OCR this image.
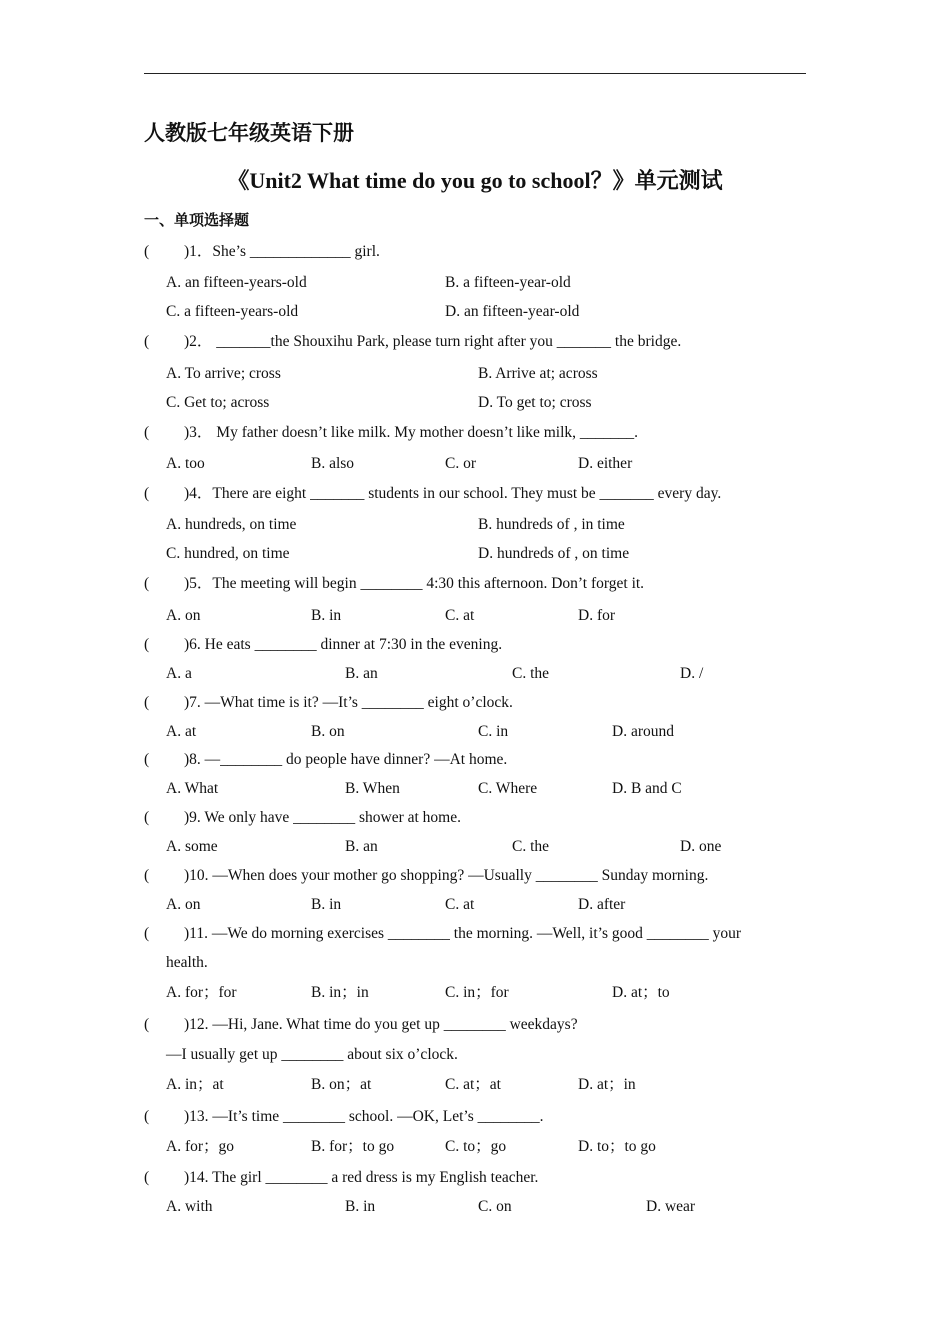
人教版七年级英语下册
《Unit2 What time do you go to school？》单元测试
一、单项选择题
( )1．She’s _____________ girl.
A. an fifteen-years-old	B. a fifteen-year-old
C. a fifteen-years-old	D. an fifteen-year-old
( )2． _______the Shouxihu Park, please turn right after you _______ the bridge.
A. To arrive; cross	B. Arrive at; across
C. Get to; across	D. To get to; cross
( )3． My father doesn’t like milk. My mother doesn’t like milk, _______.
A. too	B. also	C. or	D. either
( )4．There are eight _______ students in our school. They must be _______ every day.
A. hundreds, on time	B. hundreds of , in time
C. hundred, on time	D. hundreds of , on time
( )5．The meeting will begin ________ 4:30 this afternoon. Don’t forget it.
A. on	B. in	C. at	D. for
( )6. He eats ________ dinner at 7:30 in the evening.
A. a	B. an	C. the	D. /
( )7. —What time is it? —It’s ________ eight o’clock.
A. at	B. on	C. in	D. around
( )8. —________ do people have dinner? —At home.
A. What	B. When	C. Where	D. B and C
( )9. We only have ________ shower at home.
A. some	B. an	C. the	D. one
( )10. —When does your mother go shopping? —Usually ________ Sunday morning.
A. on	B. in	C. at	D. after
( )11. —We do morning exercises ________ the morning. —Well, it’s good ________ your
health.
A. for；for	B. in；in	C. in；for	D. at；to
( )12. —Hi, Jane. What time do you get up ________ weekdays?
—I usually get up ________ about six o’clock.
A. in；at	B. on；at	C. at；at	D. at；in
( )13. —It’s time ________ school. —OK, Let’s ________.
A. for；go	B. for；to go	C. to；go	D. to；to go
( )14. The girl ________ a red dress is my English teacher.
A. with	B. in	C. on	D. wear
